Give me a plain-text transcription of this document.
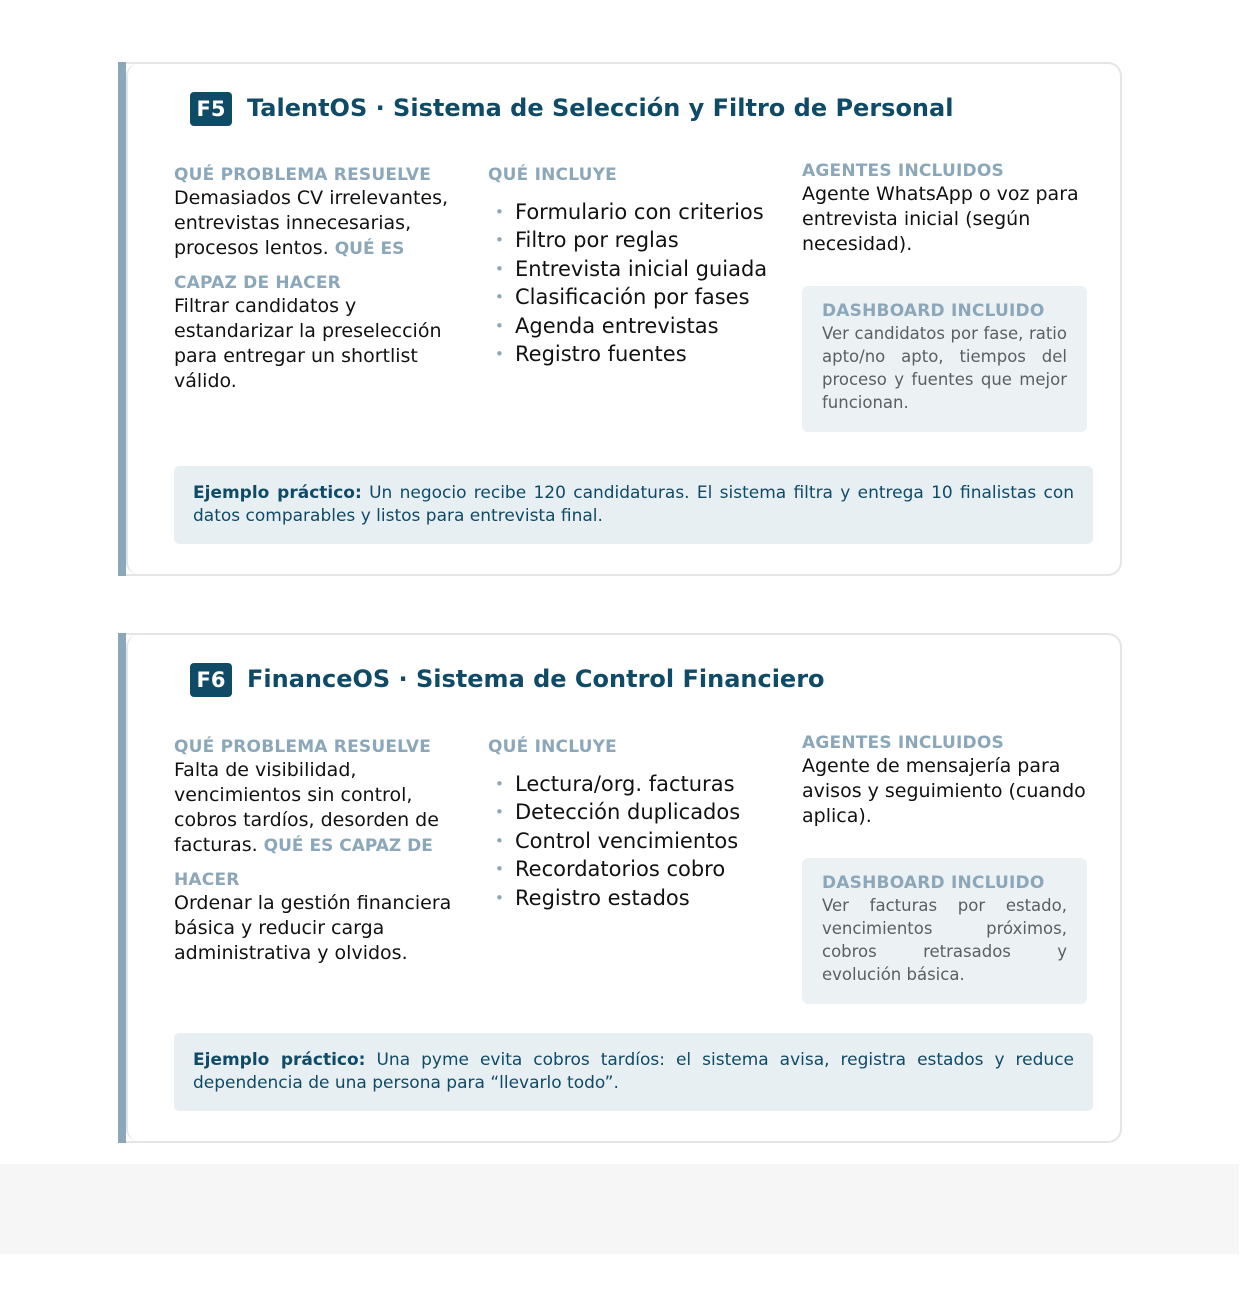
F5 TalentOS · Sistema de Selección y Filtro de Personal
QUÉ PROBLEMA RESUELVE
Demasiados CV irrelevantes, entrevistas innecesarias, procesos lentos. QUÉ ES
CAPAZ DE HACER
Filtrar candidatos y estandarizar la preselección para entregar un shortlist válido.
QUÉ INCLUYE
• Formulario con criterios
• Filtro por reglas
• Entrevista inicial guiada
• Clasificación por fases
• Agenda entrevistas
• Registro fuentes
AGENTES INCLUIDOS
Agente WhatsApp o voz para entrevista inicial (según necesidad).
DASHBOARD INCLUIDO
Ver candidatos por fase, ratio apto/no apto, tiempos del proceso y fuentes que mejor funcionan.
Ejemplo práctico: Un negocio recibe 120 candidaturas. El sistema filtra y entrega 10 finalistas con datos comparables y listos para entrevista final.
F6 FinanceOS · Sistema de Control Financiero
QUÉ PROBLEMA RESUELVE
Falta de visibilidad, vencimientos sin control, cobros tardíos, desorden de facturas. QUÉ ES CAPAZ DE
HACER
Ordenar la gestión financiera básica y reducir carga administrativa y olvidos.
QUÉ INCLUYE
• Lectura/org. facturas
• Detección duplicados
• Control vencimientos
• Recordatorios cobro
• Registro estados
AGENTES INCLUIDOS
Agente de mensajería para avisos y seguimiento (cuando aplica).
DASHBOARD INCLUIDO
Ver facturas por estado, vencimientos próximos, cobros retrasados y evolución básica.
Ejemplo práctico: Una pyme evita cobros tardíos: el sistema avisa, registra estados y reduce dependencia de una persona para “llevarlo todo”.
